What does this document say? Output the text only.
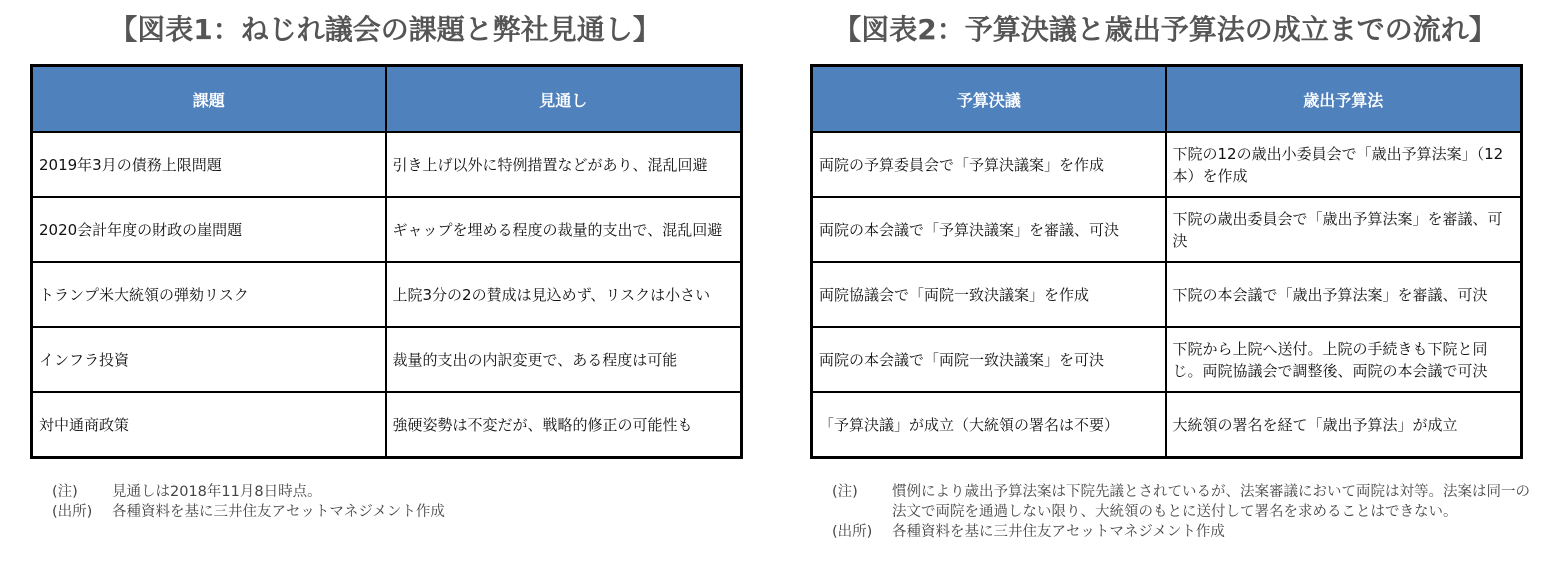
【図表1：ねじれ議会の課題と弊社見通し】
課題	見通し
2019年3月の債務上限問題	引き上げ以外に特例措置などがあり、混乱回避
2020会計年度の財政の崖問題	ギャップを埋める程度の裁量的支出で、混乱回避
トランプ米大統領の弾劾リスク	上院3分の2の賛成は見込めず、リスクは小さい
インフラ投資	裁量的支出の内訳変更で、ある程度は可能
対中通商政策	強硬姿勢は不変だが、戦略的修正の可能性も
(注)	見通しは2018年11月8日時点。
(出所)	各種資料を基に三井住友アセットマネジメント作成
【図表2：予算決議と歳出予算法の成立までの流れ】
予算決議	歳出予算法
両院の予算委員会で「予算決議案」を作成	下院の12の歳出小委員会で「歳出予算法案」（12本）を作成
両院の本会議で「予算決議案」を審議、可決	下院の歳出委員会で「歳出予算法案」を審議、可決
両院協議会で「両院一致決議案」を作成	下院の本会議で「歳出予算法案」を審議、可決
両院の本会議で「両院一致決議案」を可決	下院から上院へ送付。上院の手続きも下院と同じ。両院協議会で調整後、両院の本会議で可決
「予算決議」が成立（大統領の署名は不要）	大統領の署名を経て「歳出予算法」が成立
(注)	慣例により歳出予算法案は下院先議とされているが、法案審議において両院は対等。法案は同一の法文で両院を通過しない限り、大統領のもとに送付して署名を求めることはできない。
(出所)	各種資料を基に三井住友アセットマネジメント作成
